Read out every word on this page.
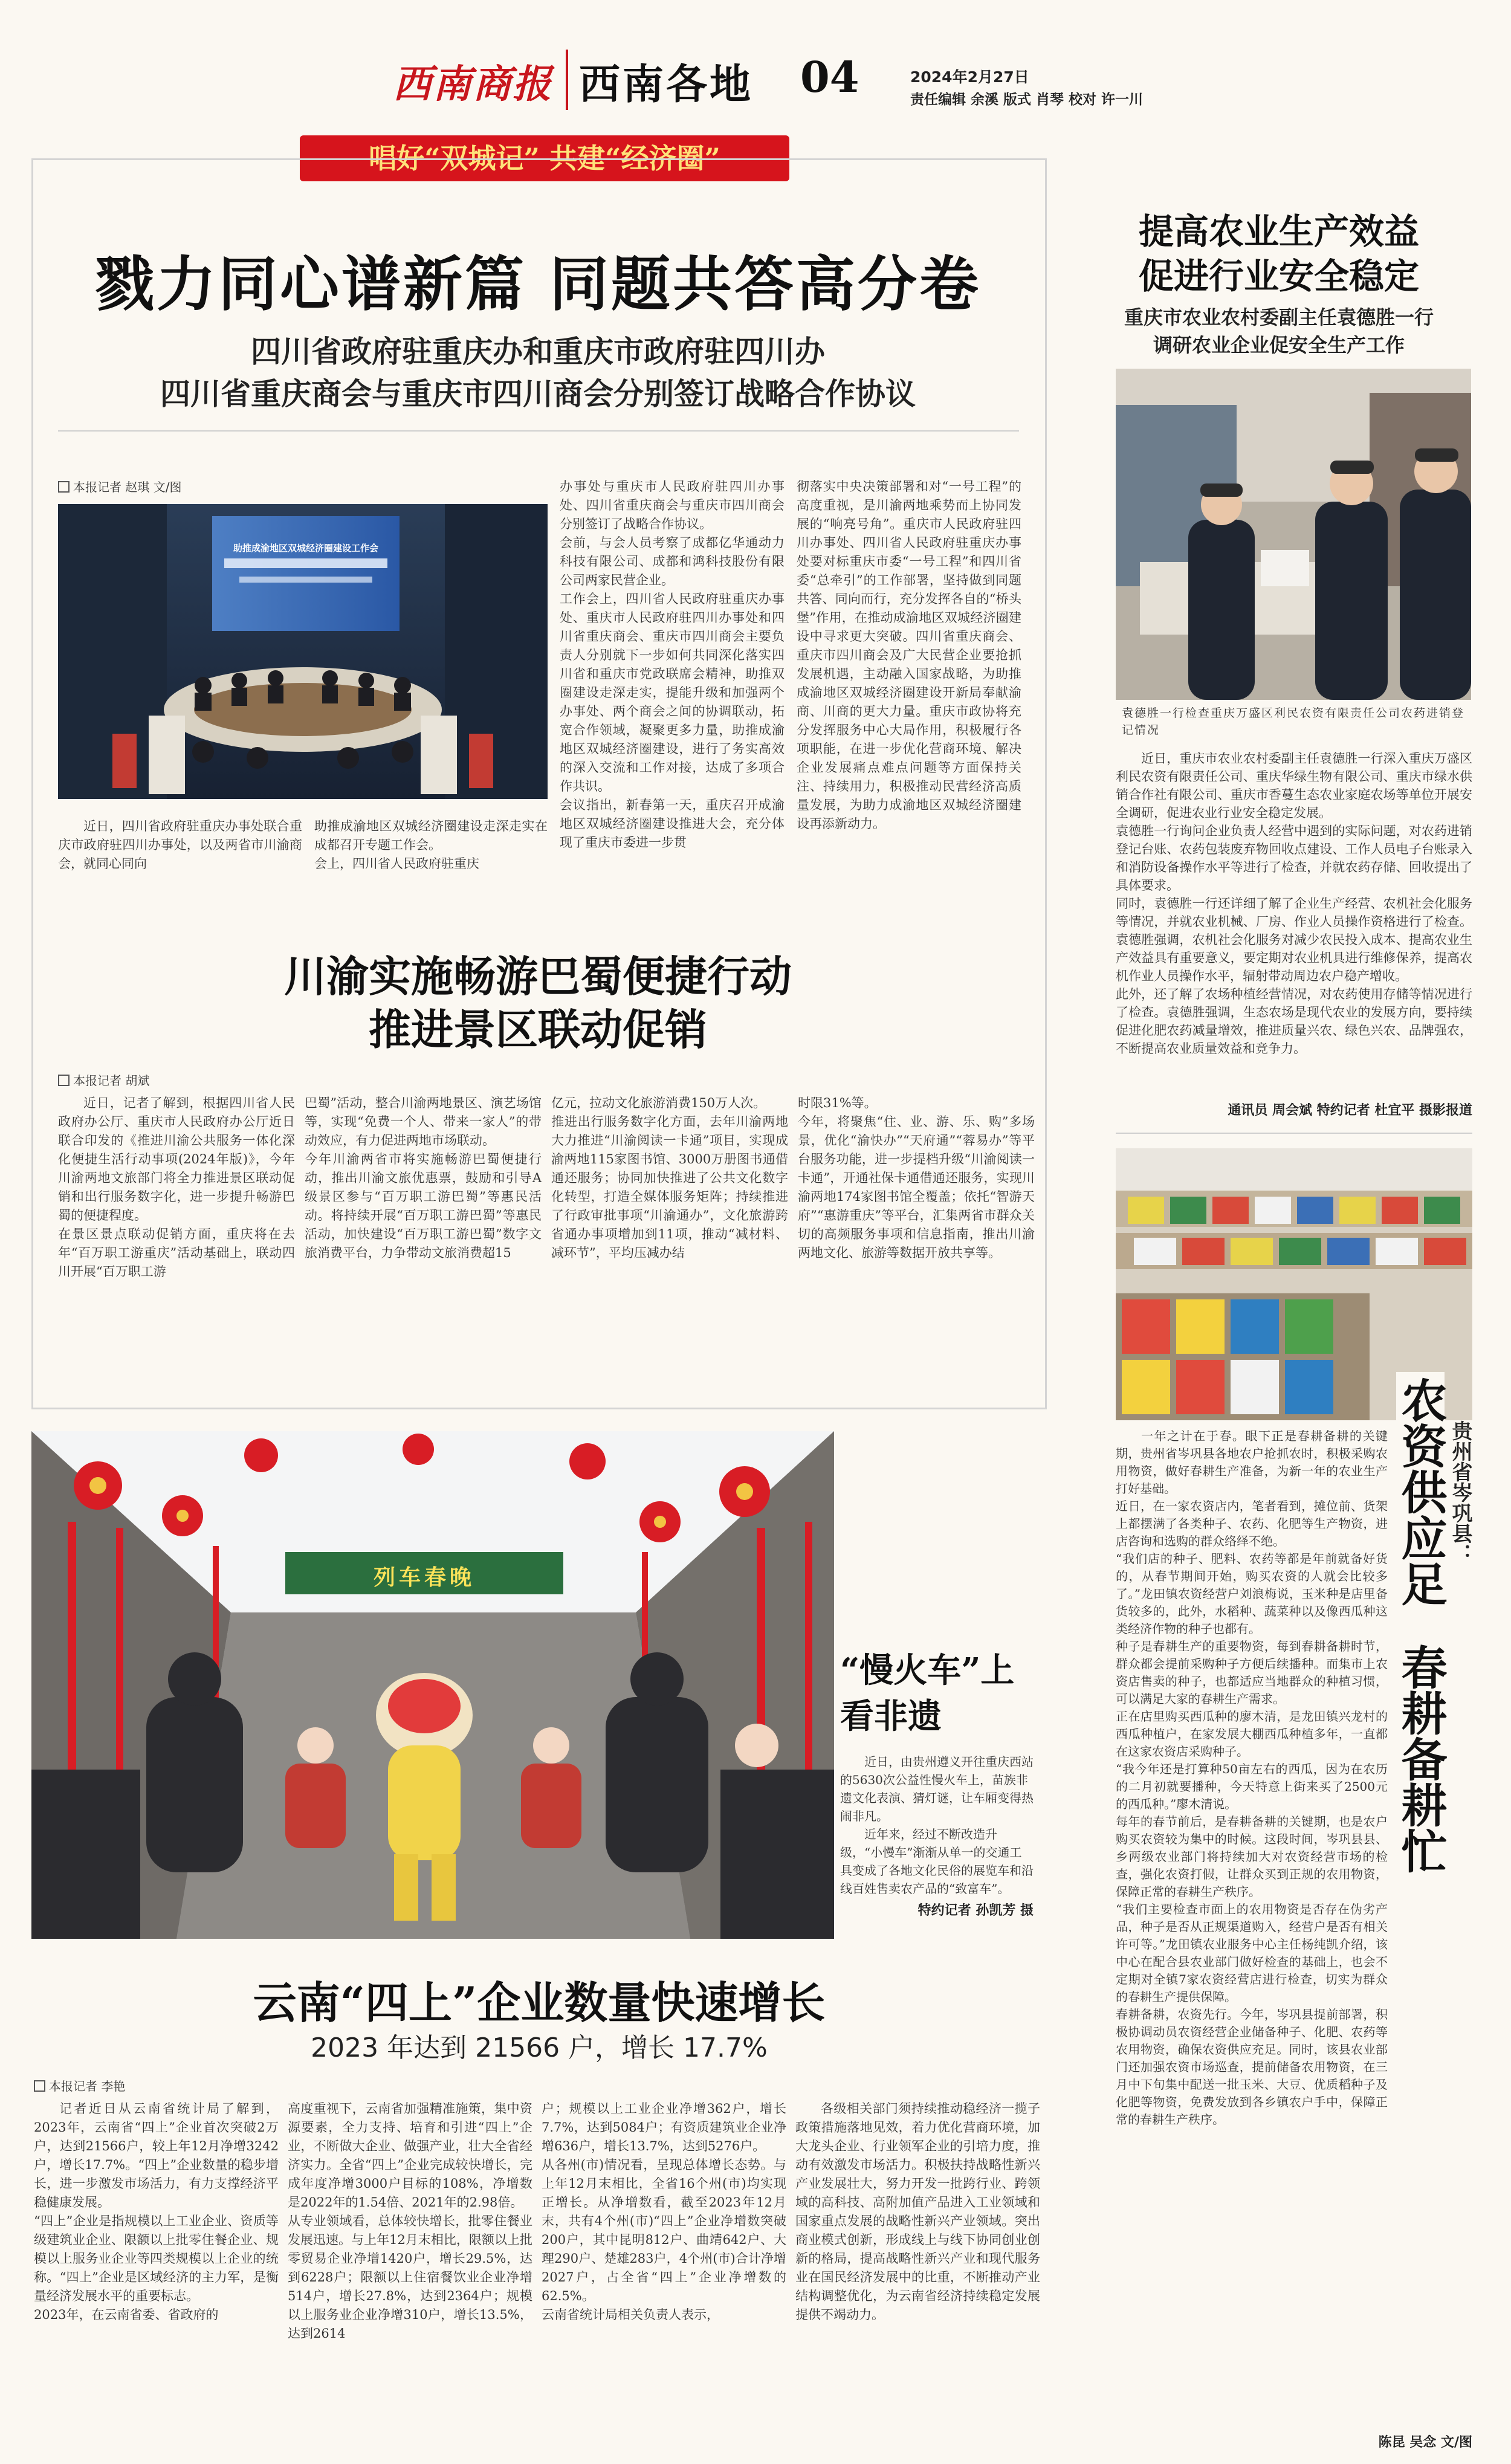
西南商报 西南各地 04	2024年2月27日
责任编辑 余溪 版式 肖琴 校对 许一川
唱好“双城记” 共建“经济圈”
戮力同心谱新篇 同题共答高分卷
四川省政府驻重庆办和重庆市政府驻四川办
四川省重庆商会与重庆市四川商会分别签订战略合作协议
本报记者 赵琪 文/图
助推成渝地区双城经济圈建设工作会

近日，四川省政府驻重庆办事处联合重庆市政府驻四川办事处，以及两省市川渝商会，就同心同向

助推成渝地区双城经济圈建设走深走实在成都召开专题工作会。
会上，四川省人民政府驻重庆

办事处与重庆市人民政府驻四川办事处、四川省重庆商会与重庆市四川商会分别签订了战略合作协议。
会前，与会人员考察了成都亿华通动力科技有限公司、成都和鸿科技股份有限公司两家民营企业。
工作会上，四川省人民政府驻重庆办事处、重庆市人民政府驻四川办事处和四川省重庆商会、重庆市四川商会主要负责人分别就下一步如何共同深化落实四川省和重庆市党政联席会精神，助推双圈建设走深走实，提能升级和加强两个办事处、两个商会之间的协调联动，拓宽合作领域，凝聚更多力量，助推成渝地区双城经济圈建设，进行了务实高效的深入交流和工作对接，达成了多项合作共识。
会议指出，新春第一天，重庆召开成渝地区双城经济圈建设推进大会，充分体现了重庆市委进一步贯

彻落实中央决策部署和对“一号工程”的高度重视，是川渝两地乘势而上协同发展的“响亮号角”。重庆市人民政府驻四川办事处、四川省人民政府驻重庆办事处要对标重庆市委“一号工程”和四川省委“总牵引”的工作部署，坚持做到同题共答、同向而行，充分发挥各自的“桥头堡”作用，在推动成渝地区双城经济圈建设中寻求更大突破。四川省重庆商会、重庆市四川商会及广大民营企业要抢抓发展机遇，主动融入国家战略，为助推成渝地区双城经济圈建设开新局奉献渝商、川商的更大力量。重庆市政协将充分发挥服务中心大局作用，积极履行各项职能，在进一步优化营商环境、解决企业发展痛点难点问题等方面保持关注、持续用力，积极推动民营经济高质量发展，为助力成渝地区双城经济圈建设再添新动力。

川渝实施畅游巴蜀便捷行动
推进景区联动促销
本报记者 胡斌

近日，记者了解到，根据四川省人民政府办公厅、重庆市人民政府办公厅近日联合印发的《推进川渝公共服务一体化深化便捷生活行动事项(2024年版)》，今年川渝两地文旅部门将全力推进景区联动促销和出行服务数字化，进一步提升畅游巴蜀的便捷程度。
在景区景点联动促销方面，重庆将在去年“百万职工游重庆”活动基础上，联动四川开展“百万职工游

巴蜀”活动，整合川渝两地景区、演艺场馆等，实现“免费一个人、带来一家人”的带动效应，有力促进两地市场联动。
今年川渝两省市将实施畅游巴蜀便捷行动，推出川渝文旅优惠票，鼓励和引导A级景区参与“百万职工游巴蜀”等惠民活动。将持续开展“百万职工游巴蜀”等惠民活动，加快建设“百万职工游巴蜀”数字文旅消费平台，力争带动文旅消费超15

亿元，拉动文化旅游消费150万人次。
推进出行服务数字化方面，去年川渝两地大力推进“川渝阅读一卡通”项目，实现成渝两地115家图书馆、3000万册图书通借通还服务；协同加快推进了公共文化数字化转型，打造全媒体服务矩阵；持续推进了行政审批事项“川渝通办”，文化旅游跨省通办事项增加到11项，推动“减材料、减环节”，平均压减办结

时限31%等。
今年，将聚焦“住、业、游、乐、购”多场景，优化“渝快办”“天府通”“蓉易办”等平台服务功能，进一步提档升级“川渝阅读一卡通”，开通社保卡通借通还服务，实现川渝两地174家图书馆全覆盖；依托“智游天府”“惠游重庆”等平台，汇集两省市群众关切的高频服务事项和信息指南，推出川渝两地文化、旅游等数据开放共享等。

列车春晚
“慢火车”上
看非遗
近日，由贵州遵义开往重庆西站的5630次公益性慢火车上，苗族非遗文化表演、猜灯谜，让车厢变得热闹非凡。
近年来，经过不断改造升级，“小慢车”渐渐从单一的交通工具变成了各地文化民俗的展览车和沿线百姓售卖农产品的“致富车”。
特约记者 孙凯芳 摄
云南“四上”企业数量快速增长
2023 年达到 21566 户，增长 17.7%
本报记者 李艳

记者近日从云南省统计局了解到，2023年，云南省“四上”企业首次突破2万户，达到21566户，较上年12月净增3242户，增长17.7%。“四上”企业数量的稳步增长，进一步激发市场活力，有力支撑经济平稳健康发展。
“四上”企业是指规模以上工业企业、资质等级建筑业企业、限额以上批零住餐企业、规模以上服务业企业等四类规模以上企业的统称。“四上”企业是区域经济的主力军，是衡量经济发展水平的重要标志。
2023年，在云南省委、省政府的

高度重视下，云南省加强精准施策，集中资源要素，全力支持、培育和引进“四上”企业，不断做大企业、做强产业，壮大全省经济实力。全省“四上”企业完成较快增长，完成年度净增3000户目标的108%，净增数是2022年的1.54倍、2021年的2.98倍。
从专业领域看，总体较快增长，批零住餐业发展迅速。与上年12月末相比，限额以上批零贸易企业净增1420户，增长29.5%，达到6228户；限额以上住宿餐饮业企业净增514户，增长27.8%，达到2364户；规模以上服务业企业净增310户，增长13.5%，达到2614

户；规模以上工业企业净增362户，增长7.7%，达到5084户；有资质建筑业企业净增636户，增长13.7%，达到5276户。
从各州(市)情况看，呈现总体增长态势。与上年12月末相比，全省16个州(市)均实现正增长。从净增数看，截至2023年12月末，共有4个州(市)“四上”企业净增数突破200户，其中昆明812户、曲靖642户、大理290户、楚雄283户，4个州(市)合计净增2027户，占全省“四上”企业净增数的62.5%。
云南省统计局相关负责人表示，

各级相关部门须持续推动稳经济一揽子政策措施落地见效，着力优化营商环境，加大龙头企业、行业领军企业的引培力度，推动有效激发市场活力。积极扶持战略性新兴产业发展壮大，努力开发一批跨行业、跨领域的高科技、高附加值产品进入工业领域和国家重点发展的战略性新兴产业领域。突出商业模式创新，形成线上与线下协同创业创新的格局，提高战略性新兴产业和现代服务业在国民经济发展中的比重，不断推动产业结构调整优化，为云南省经济持续稳定发展提供不竭动力。

提高农业生产效益
促进行业安全稳定
重庆市农业农村委副主任袁德胜一行
调研农业企业促安全生产工作
袁德胜一行检查重庆万盛区利民农资有限责任公司农药进销登记情况

近日，重庆市农业农村委副主任袁德胜一行深入重庆万盛区利民农资有限责任公司、重庆华绿生物有限公司、重庆市绿水供销合作社有限公司、重庆市香蔓生态农业家庭农场等单位开展安全调研，促进农业行业安全稳定发展。
袁德胜一行询问企业负责人经营中遇到的实际问题，对农药进销登记台账、农药包装废弃物回收点建设、工作人员电子台账录入和消防设备操作水平等进行了检查，并就农药存储、回收提出了具体要求。
同时，袁德胜一行还详细了解了企业生产经营、农机社会化服务等情况，并就农业机械、厂房、作业人员操作资格进行了检查。袁德胜强调，农机社会化服务对减少农民投入成本、提高农业生产效益具有重要意义，要定期对农业机具进行维修保养，提高农机作业人员操作水平，辐射带动周边农户稳产增收。
此外，还了解了农场种植经营情况，对农药使用存储等情况进行了检查。袁德胜强调，生态农场是现代农业的发展方向，要持续促进化肥农药减量增效，推进质量兴农、绿色兴农、品牌强农，不断提高农业质量效益和竞争力。

通讯员 周会斌 特约记者 杜宜平 摄影报道
贵州省岑巩县：
农资供应足
春耕备耕忙

一年之计在于春。眼下正是春耕备耕的关键期，贵州省岑巩县各地农户抢抓农时，积极采购农用物资，做好春耕生产准备，为新一年的农业生产打好基础。
近日，在一家农资店内，笔者看到，摊位前、货架上都摆满了各类种子、农药、化肥等生产物资，进店咨询和选购的群众络绎不绝。
“我们店的种子、肥料、农药等都是年前就备好货的，从春节期间开始，购买农资的人就会比较多了。”龙田镇农资经营户刘浪梅说，玉米种是店里备货较多的，此外，水稻种、蔬菜种以及像西瓜种这类经济作物的种子也都有。
种子是春耕生产的重要物资，每到春耕备耕时节，群众都会提前采购种子方便后续播种。而集市上农资店售卖的种子，也都适应当地群众的种植习惯，可以满足大家的春耕生产需求。
正在店里购买西瓜种的廖木清，是龙田镇兴龙村的西瓜种植户，在家发展大棚西瓜种植多年，一直都在这家农资店采购种子。
“我今年还是打算种50亩左右的西瓜，因为在农历的二月初就要播种，今天特意上街来买了2500元的西瓜种。”廖木清说。
每年的春节前后，是春耕备耕的关键期，也是农户购买农资较为集中的时候。这段时间，岑巩县县、乡两级农业部门将持续加大对农资经营市场的检查，强化农资打假，让群众买到正规的农用物资，保障正常的春耕生产秩序。
“我们主要检查市面上的农用物资是否存在伪劣产品，种子是否从正规渠道购入，经营户是否有相关许可等。”龙田镇农业服务中心主任杨纯凯介绍，该中心在配合县农业部门做好检查的基础上，也会不定期对全镇7家农资经营店进行检查，切实为群众的春耕生产提供保障。
春耕备耕，农资先行。今年，岑巩县提前部署，积极协调动员农资经营企业储备种子、化肥、农药等农用物资，确保农资供应充足。同时，该县农业部门还加强农资市场巡查，提前储备农用物资，在三月中下旬集中配送一批玉米、大豆、优质稻种子及化肥等物资，免费发放到各乡镇农户手中，保障正常的春耕生产秩序。

陈昆 吴念 文/图
